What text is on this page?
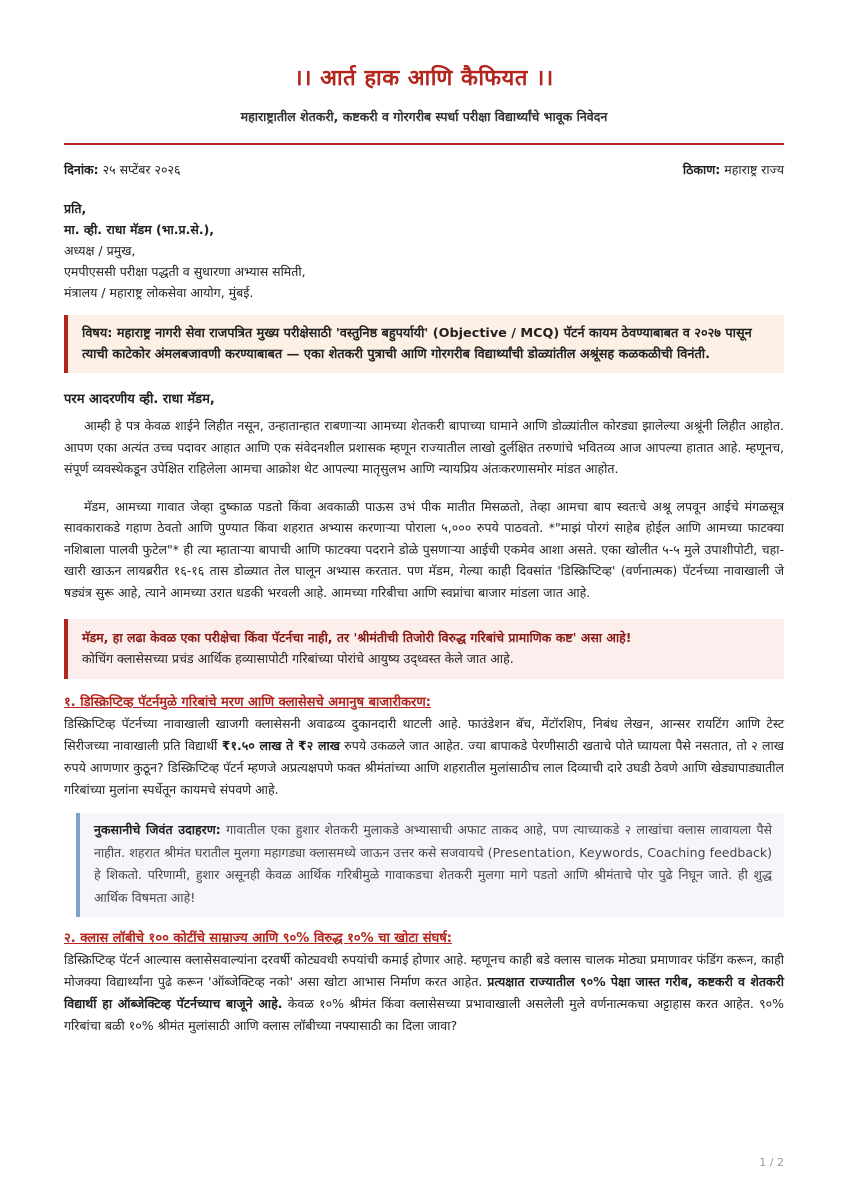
।। आर्त हाक आणि कैफियत ।।
महाराष्ट्रातील शेतकरी, कष्टकरी व गोरगरीब स्पर्धा परीक्षा विद्यार्थ्यांचे भावूक निवेदन
दिनांक: २५ सप्टेंबर २०२६	ठिकाण: महाराष्ट्र राज्य
प्रति,
मा. व्ही. राधा मॅडम (भा.प्र.से.),
अध्यक्ष / प्रमुख,
एमपीएससी परीक्षा पद्धती व सुधारणा अभ्यास समिती,
मंत्रालय / महाराष्ट्र लोकसेवा आयोग, मुंबई.
विषय: महाराष्ट्र नागरी सेवा राजपत्रित मुख्य परीक्षेसाठी 'वस्तुनिष्ठ बहुपर्यायी' (Objective / MCQ) पॅटर्न कायम ठेवण्याबाबत व २०२७ पासून त्याची काटेकोर अंमलबजावणी करण्याबाबत — एका शेतकरी पुत्राची आणि गोरगरीब विद्यार्थ्यांची डोळ्यांतील अश्रूंसह कळकळीची विनंती.
परम आदरणीय व्ही. राधा मॅडम,

आम्ही हे पत्र केवळ शाईने लिहीत नसून, उन्हातान्हात राबणाऱ्या आमच्या शेतकरी बापाच्या घामाने आणि डोळ्यांतील कोरड्या झालेल्या अश्रूंनी लिहीत आहोत. आपण एका अत्यंत उच्च पदावर आहात आणि एक संवेदनशील प्रशासक म्हणून राज्यातील लाखो दुर्लक्षित तरुणांचे भवितव्य आज आपल्या हातात आहे. म्हणूनच, संपूर्ण व्यवस्थेकडून उपेक्षित राहिलेला आमचा आक्रोश थेट आपल्या मातृसुलभ आणि न्यायप्रिय अंतःकरणासमोर मांडत आहोत.

मॅडम, आमच्या गावात जेव्हा दुष्काळ पडतो किंवा अवकाळी पाऊस उभं पीक मातीत मिसळतो, तेव्हा आमचा बाप स्वतःचे अश्रू लपवून आईचे मंगळसूत्र सावकाराकडे गहाण ठेवतो आणि पुण्यात किंवा शहरात अभ्यास करणाऱ्या पोराला ५,००० रुपये पाठवतो. *"माझं पोरगं साहेब होईल आणि आमच्या फाटक्या नशिबाला पालवी फुटेल"* ही त्या म्हाताऱ्या बापाची आणि फाटक्या पदराने डोळे पुसणाऱ्या आईची एकमेव आशा असते. एका खोलीत ५-५ मुले उपाशीपोटी, चहा-खारी खाऊन लायब्ररीत १६-१६ तास डोळ्यात तेल घालून अभ्यास करतात. पण मॅडम, गेल्या काही दिवसांत 'डिस्क्रिप्टिव्ह' (वर्णनात्मक) पॅटर्नच्या नावाखाली जे षड्यंत्र सुरू आहे, त्याने आमच्या उरात धडकी भरवली आहे. आमच्या गरिबीचा आणि स्वप्नांचा बाजार मांडला जात आहे.

मॅडम, हा लढा केवळ एका परीक्षेचा किंवा पॅटर्नचा नाही, तर 'श्रीमंतीची तिजोरी विरुद्ध गरिबांचे प्रामाणिक कष्ट' असा आहे!
कोचिंग क्लासेसच्या प्रचंड आर्थिक हव्यासापोटी गरिबांच्या पोरांचे आयुष्य उद्ध्वस्त केले जात आहे.
१. डिस्क्रिप्टिव्ह पॅटर्नमुळे गरिबांचे मरण आणि क्लासेसचे अमानुष बाजारीकरण:

डिस्क्रिप्टिव्ह पॅटर्नच्या नावाखाली खाजगी क्लासेसनी अवाढव्य दुकानदारी थाटली आहे. फाउंडेशन बॅच, मेंटॉरशिप, निबंध लेखन, आन्सर रायटिंग आणि टेस्ट सिरीजच्या नावाखाली प्रति विद्यार्थी ₹१.५० लाख ते ₹२ लाख रुपये उकळले जात आहेत. ज्या बापाकडे पेरणीसाठी खताचे पोते घ्यायला पैसे नसतात, तो २ लाख रुपये आणणार कुठून? डिस्क्रिप्टिव्ह पॅटर्न म्हणजे अप्रत्यक्षपणे फक्त श्रीमंतांच्या आणि शहरातील मुलांसाठीच लाल दिव्याची दारे उघडी ठेवणे आणि खेड्यापाड्यातील गरिबांच्या मुलांना स्पर्धेतून कायमचे संपवणे आहे.

नुकसानीचे जिवंत उदाहरण: गावातील एका हुशार शेतकरी मुलाकडे अभ्यासाची अफाट ताकद आहे, पण त्याच्याकडे २ लाखांचा क्लास लावायला पैसे नाहीत. शहरात श्रीमंत घरातील मुलगा महागड्या क्लासमध्ये जाऊन उत्तर कसे सजवायचे (Presentation, Keywords, Coaching feedback) हे शिकतो. परिणामी, हुशार असूनही केवळ आर्थिक गरिबीमुळे गावाकडचा शेतकरी मुलगा मागे पडतो आणि श्रीमंताचे पोर पुढे निघून जाते. ही शुद्ध आर्थिक विषमता आहे!
२. क्लास लॉबीचे १०० कोटींचे साम्राज्य आणि ९०% विरुद्ध १०% चा खोटा संघर्ष:

डिस्क्रिप्टिव्ह पॅटर्न आल्यास क्लासेसवाल्यांना दरवर्षी कोट्यवधी रुपयांची कमाई होणार आहे. म्हणूनच काही बडे क्लास चालक मोठ्या प्रमाणावर फंडिंग करून, काही मोजक्या विद्यार्थ्यांना पुढे करून 'ऑब्जेक्टिव्ह नको' असा खोटा आभास निर्माण करत आहेत. प्रत्यक्षात राज्यातील ९०% पेक्षा जास्त गरीब, कष्टकरी व शेतकरी विद्यार्थी हा ऑब्जेक्टिव्ह पॅटर्नच्याच बाजूने आहे. केवळ १०% श्रीमंत किंवा क्लासेसच्या प्रभावाखाली असलेली मुले वर्णनात्मकचा अट्टाहास करत आहेत. ९०% गरिबांचा बळी १०% श्रीमंत मुलांसाठी आणि क्लास लॉबीच्या नफ्यासाठी का दिला जावा?

1 / 2
